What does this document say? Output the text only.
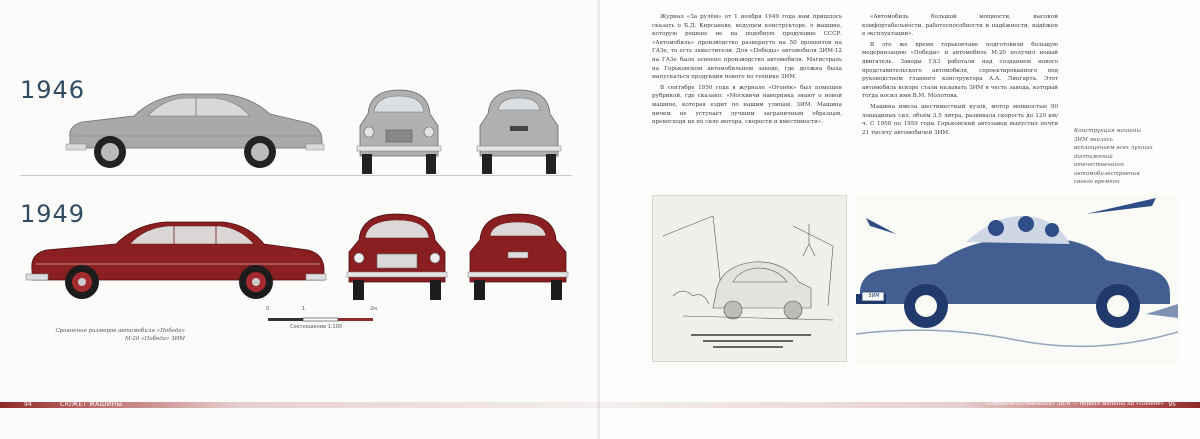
1946
1949
Сравнение размеров автомобиля «Победа» М-20 «Победа» ЗИМ
0	1	2м
Соотношение 1:100
94	СЮЖЕТ МАШИНЫ

Журнал «За рулём» от 1 ноября 1949 года нам пришлось сказать о Б.Д. Кирсанове, ведущем конструкторе, о машине, которую решено не на подобную продукцию СССР. «Автомобиль» производство развернуто на 50 процентов на ГАЗе, то есть заместители. Для «Победы» автомобиля ЗИМ-12 на ГАЗе было освоено производство автомобиля. Магистраль на Горьковском автомобильном заводе, где должна была выпускаться продукция нового по технике ЗИМ.

В сентябре 1950 года в журнале «Огонёк» был помещен рубрикой, где сказано: «Москвичи наверняка знают о новой машине, которая ездит по нашим улицам. ЗИМ. Машина ничем не уступает лучшим заграничным образцам, превосходя их по силе мотора, скорости и вместимости».

«Автомобиль большой мощности, высокой комфортабельности, работоспособности и надёжности, надёжен в эксплуатации».

В это же время горьковчане подготовили большую модернизацию «Победы» и автомобиль М-20 получил новый двигатель. Заводы ГАЗ работали над созданием нового представительского автомобиля, спроектированного под руководством главного конструктора А.А. Липгарта. Этот автомобиль вскоре стали называть ЗИМ в честь завода, который тогда носил имя В.М. Молотова.

Машина имела шестиместный кузов, мотор мощностью 90 лошадиных сил, объём 3,5 литра, развивала скорость до 120 км/ч. С 1950 по 1959 годы Горьковский автозавод выпустил почти 21 тысячу автомобилей ЗИМ.	Конструкция машины ЗИМ явилась воплощением всех лучших достижений отечественного автомобилестроения своего времени
ЗИМ
«Правительственный» ЗИМ — первая машина на «Победе» 95
